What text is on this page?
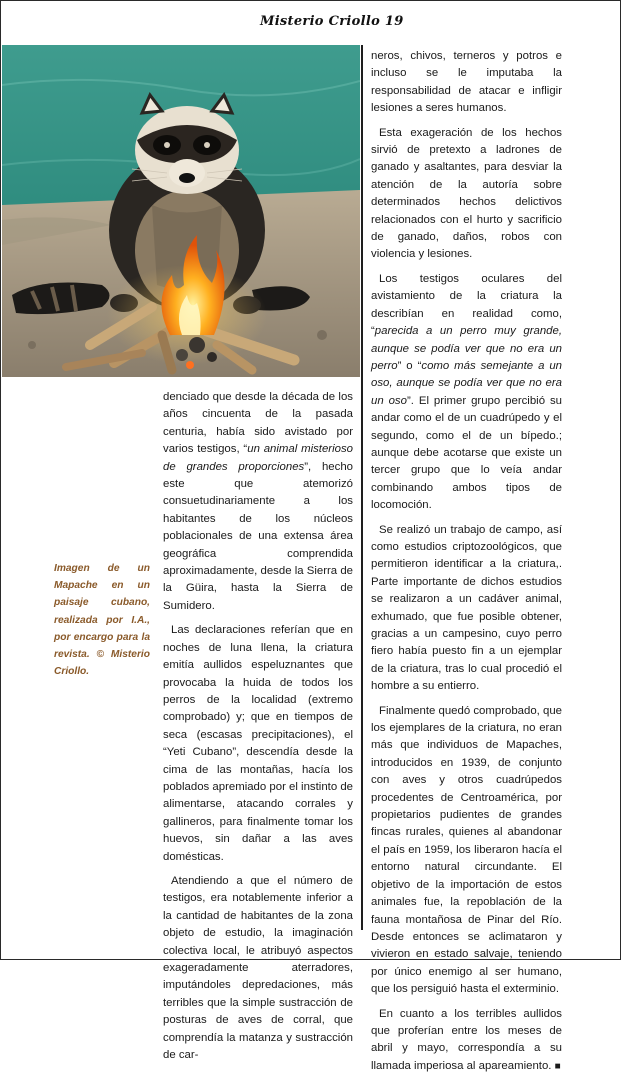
Misterio Criollo 19
Imagen de un Mapache en un paisaje cubano, realizada por I.A., por encargo para la revista. © Misterio Criollo.

denciado que desde la década de los años cincuenta de la pasada centuria, había sido avistado por varios testigos, “un animal misterioso de grandes proporciones”, hecho este que atemorizó consuetudinariamente a los habitantes de los núcleos poblacionales de una extensa área geográfica comprendida aproximadamente, desde la Sierra de la Güira, hasta la Sierra de Sumidero.

Las declaraciones referían que en noches de luna llena, la criatura emitía aullidos espeluznantes que provocaba la huida de todos los perros de la localidad (extremo comprobado) y; que en tiempos de seca (escasas precipitaciones), el “Yeti Cubano”, descendía desde la cima de las montañas, hacía los poblados apremiado por el instinto de alimentarse, atacando corrales y gallineros, para finalmente tomar los huevos, sin dañar a las aves domésticas.

Atendiendo a que el número de testigos, era notablemente inferior a la cantidad de habitantes de la zona objeto de estudio, la imaginación colectiva local, le atribuyó aspectos exageradamente aterradores, imputándoles depredaciones, más terribles que la simple sustracción de posturas de aves de corral, que comprendía la matanza y sustracción de car-

neros, chivos, terneros y potros e incluso se le imputaba la responsabilidad de atacar e infligir lesiones a seres humanos.

Esta exageración de los hechos sirvió de pretexto a ladrones de ganado y asaltantes, para desviar la atención de la autoría sobre determinados hechos delictivos relacionados con el hurto y sacrificio de ganado, daños, robos con violencia y lesiones.

Los testigos oculares del avistamiento de la criatura la describían en realidad como, “parecida a un perro muy grande, aunque se podía ver que no era un perro” o “como más semejante a un oso, aunque se podía ver que no era un oso”. El primer grupo percibió su andar como el de un cuadrúpedo y el segundo, como el de un bípedo.; aunque debe acotarse que existe un tercer grupo que lo veía andar combinando ambos tipos de locomoción.

Se realizó un trabajo de campo, así como estudios criptozoológicos, que permitieron identificar a la criatura,. Parte importante de dichos estudios se realizaron a un cadáver animal, exhumado, que fue posible obtener, gracias a un campesino, cuyo perro fiero había puesto fin a un ejemplar de la criatura, tras lo cual procedió el hombre a su entierro.

Finalmente quedó comprobado, que los ejemplares de la criatura, no eran más que individuos de Mapaches, introducidos en 1939, de conjunto con aves y otros cuadrúpedos procedentes de Centroamérica, por propietarios pudientes de grandes fincas rurales, quienes al abandonar el país en 1959, los liberaron hacía el entorno natural circundante. El objetivo de la importación de estos animales fue, la repoblación de la fauna montañosa de Pinar del Río. Desde entonces se aclimataron y vivieron en estado salvaje, teniendo por único enemigo al ser humano, que los persiguió hasta el exterminio.

En cuanto a los terribles aullidos que proferían entre los meses de abril y mayo, correspondía a su llamada imperiosa al apareamiento. ■
